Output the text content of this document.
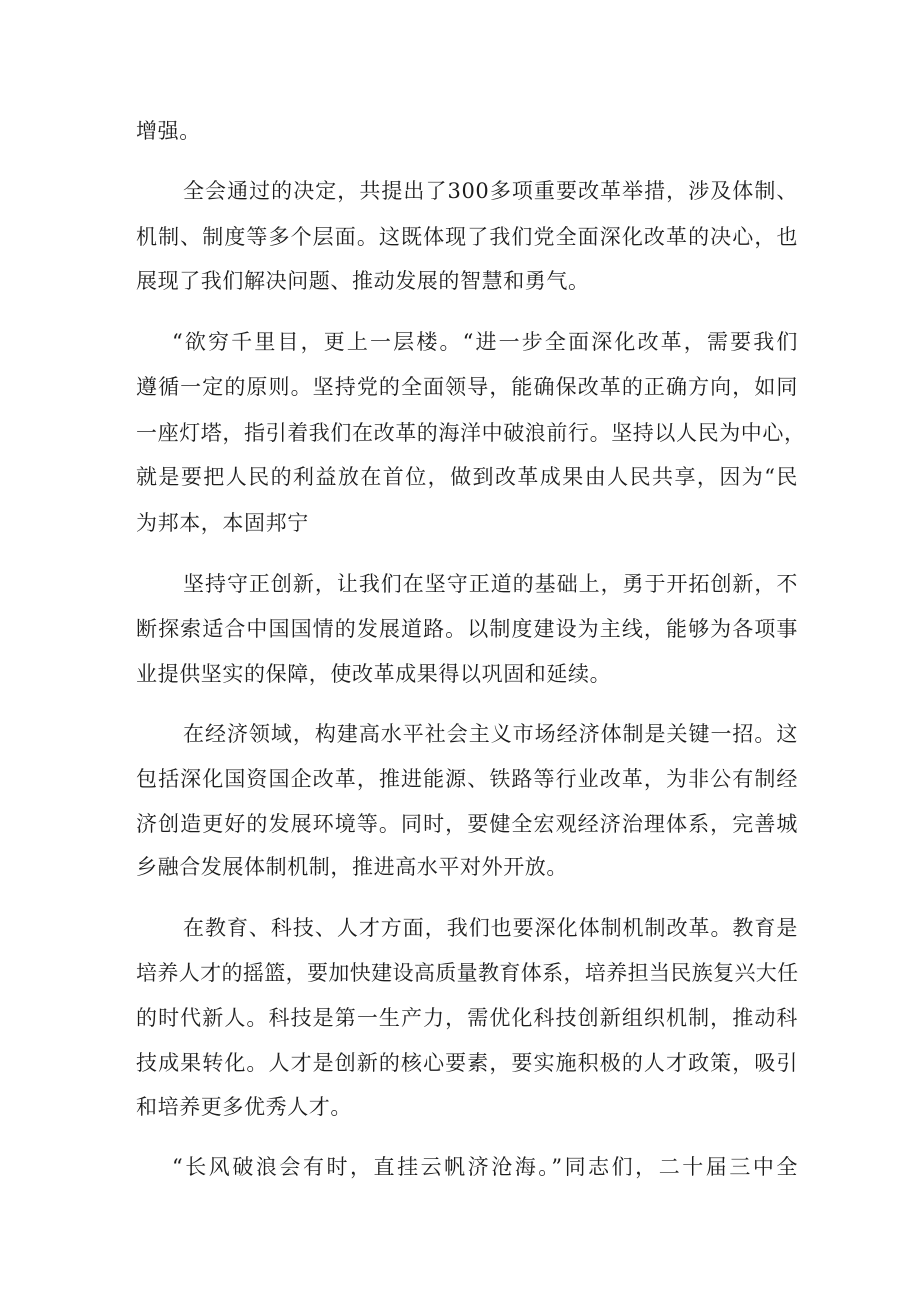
增强。
全会通过的决定，共提出了300多项重要改革举措，涉及体制、
机制、制度等多个层面。这既体现了我们党全面深化改革的决心，也
展现了我们解决问题、推动发展的智慧和勇气。
“欲穷千里目，更上一层楼。“进一步全面深化改革，需要我们
遵循一定的原则。坚持党的全面领导，能确保改革的正确方向，如同
一座灯塔，指引着我们在改革的海洋中破浪前行。坚持以人民为中心，
就是要把人民的利益放在首位，做到改革成果由人民共享，因为“民
为邦本，本固邦宁
坚持守正创新，让我们在坚守正道的基础上，勇于开拓创新，不
断探索适合中国国情的发展道路。以制度建设为主线，能够为各项事
业提供坚实的保障，使改革成果得以巩固和延续。
在经济领域，构建高水平社会主义市场经济体制是关键一招。这
包括深化国资国企改革，推进能源、铁路等行业改革，为非公有制经
济创造更好的发展环境等。同时，要健全宏观经济治理体系，完善城
乡融合发展体制机制，推进高水平对外开放。
在教育、科技、人才方面，我们也要深化体制机制改革。教育是
培养人才的摇篮，要加快建设高质量教育体系，培养担当民族复兴大任
的时代新人。科技是第一生产力，需优化科技创新组织机制，推动科
技成果转化。人才是创新的核心要素，要实施积极的人才政策，吸引
和培养更多优秀人才。
“长风破浪会有时，直挂云帆济沧海。”同志们，二十届三中全
